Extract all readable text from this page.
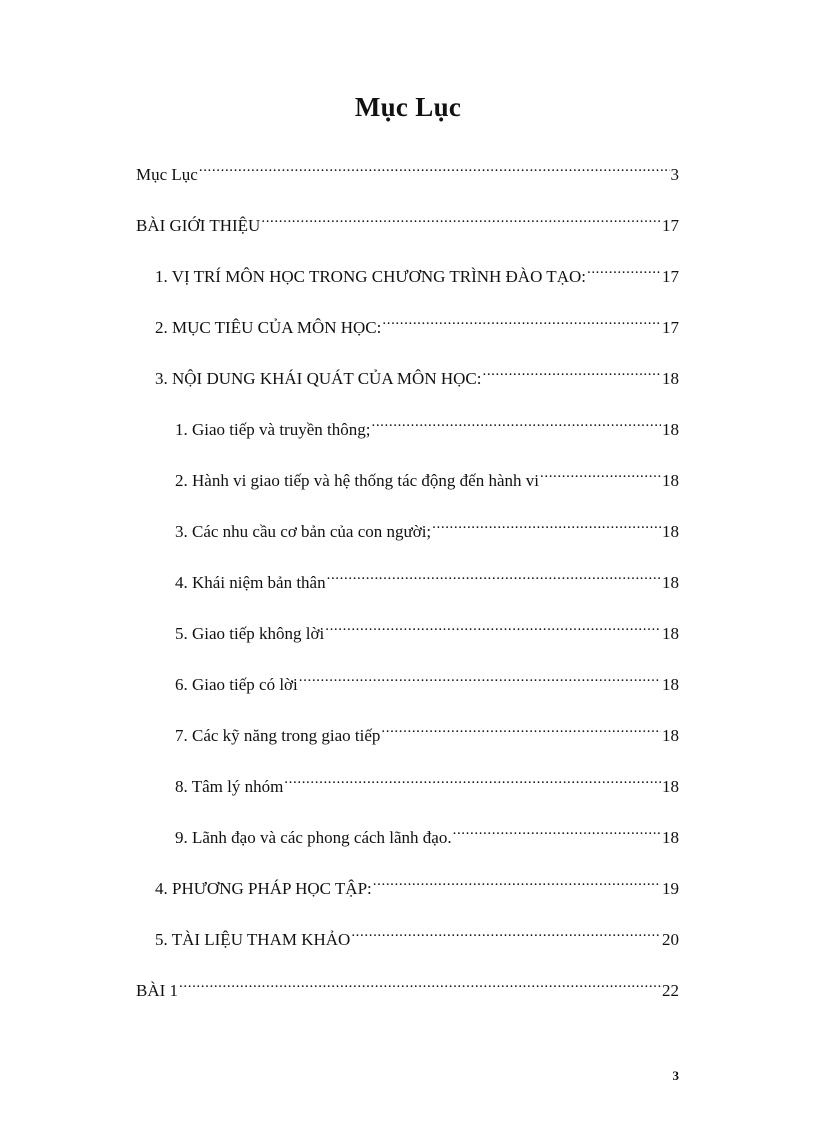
Mục Lục
Mục Lục .....	3
BÀI GIỚI THIỆU .....	17
1. VỊ TRÍ MÔN HỌC TRONG CHƯƠNG TRÌNH ĐÀO TẠO: .....	17
2. MỤC TIÊU CỦA MÔN HỌC: .....	17
3. NỘI DUNG KHÁI QUÁT CỦA MÔN HỌC: .....	18
1. Giao tiếp và truyền thông; .....	18
2. Hành vi giao tiếp và hệ thống tác động đến hành vi .....	18
3. Các nhu cầu cơ bản của con người; .....	18
4. Khái niệm bản thân .....	18
5. Giao tiếp không lời .....	18
6. Giao tiếp có lời .....	18
7. Các kỹ năng trong giao tiếp .....	18
8. Tâm lý nhóm .....	18
9. Lãnh đạo và các phong cách lãnh đạo. .....	18
4. PHƯƠNG PHÁP HỌC TẬP: .....	19
5. TÀI LIỆU THAM KHẢO .....	20
BÀI 1 .....	22
3
